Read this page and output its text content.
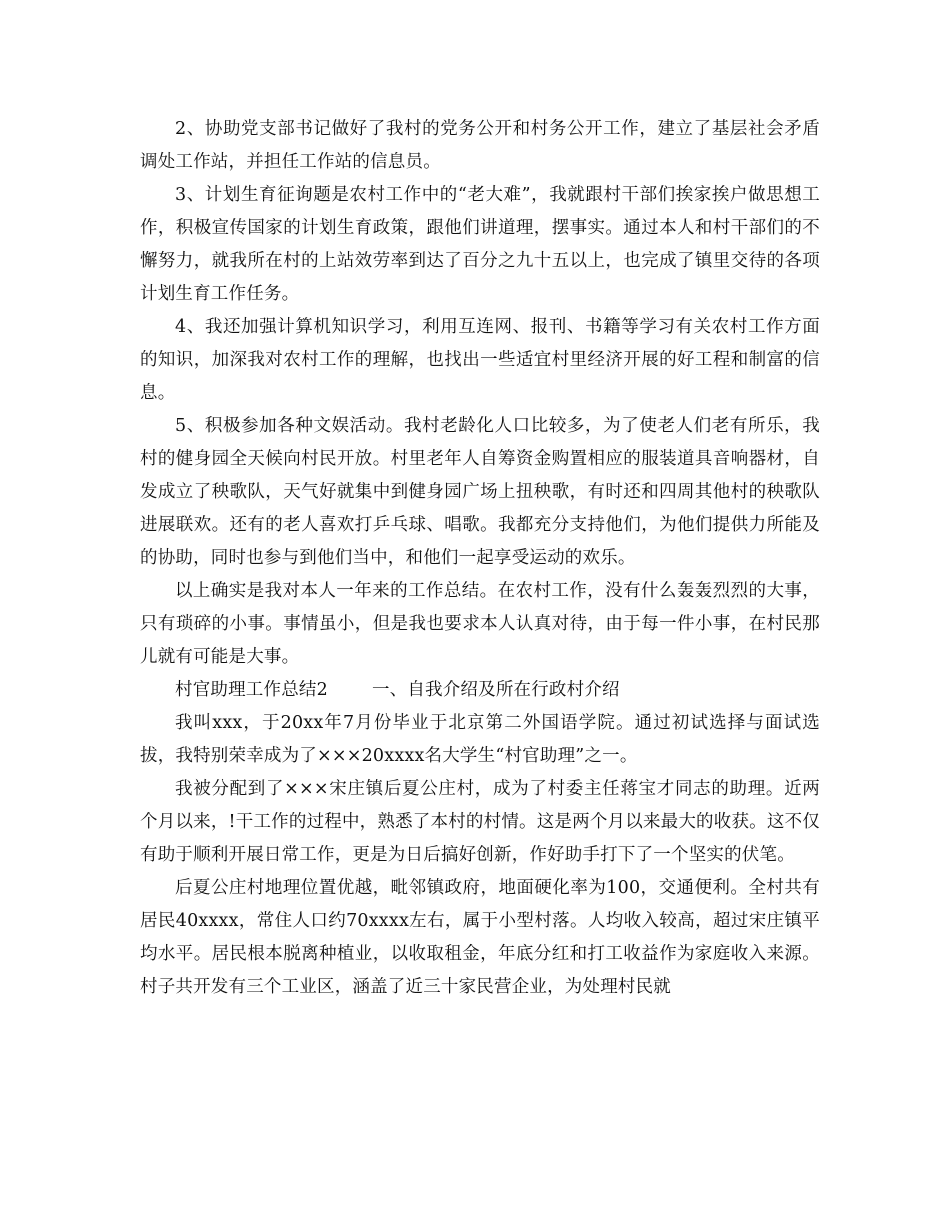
2、协助党支部书记做好了我村的党务公开和村务公开工作，建立了基层社会矛盾调处工作站，并担任工作站的信息员。

3、计划生育征询题是农村工作中的“老大难”，我就跟村干部们挨家挨户做思想工作，积极宣传国家的计划生育政策，跟他们讲道理，摆事实。通过本人和村干部们的不懈努力，就我所在村的上站效劳率到达了百分之九十五以上，也完成了镇里交待的各项计划生育工作任务。

4、我还加强计算机知识学习，利用互连网、报刊、书籍等学习有关农村工作方面的知识，加深我对农村工作的理解，也找出一些适宜村里经济开展的好工程和制富的信息。

5、积极参加各种文娱活动。我村老龄化人口比较多，为了使老人们老有所乐，我村的健身园全天候向村民开放。村里老年人自筹资金购置相应的服装道具音响器材，自发成立了秧歌队，天气好就集中到健身园广场上扭秧歌，有时还和四周其他村的秧歌队进展联欢。还有的老人喜欢打乒乓球、唱歌。我都充分支持他们，为他们提供力所能及的协助，同时也参与到他们当中，和他们一起享受运动的欢乐。

以上确实是我对本人一年来的工作总结。在农村工作，没有什么轰轰烈烈的大事，只有琐碎的小事。事情虽小，但是我也要求本人认真对待，由于每一件小事，在村民那儿就有可能是大事。

村官助理工作总结2	一、自我介绍及所在行政村介绍

我叫xxx，于20xx年7月份毕业于北京第二外国语学院。通过初试选择与面试选拔，我特别荣幸成为了×××20xxxx名大学生“村官助理”之一。

我被分配到了×××宋庄镇后夏公庄村，成为了村委主任蒋宝才同志的助理。近两个月以来，!干工作的过程中，熟悉了本村的村情。这是两个月以来最大的收获。这不仅有助于顺利开展日常工作，更是为日后搞好创新，作好助手打下了一个坚实的伏笔。

后夏公庄村地理位置优越，毗邻镇政府，地面硬化率为100，交通便利。全村共有居民40xxxx，常住人口约70xxxx左右，属于小型村落。人均收入较高，超过宋庄镇平均水平。居民根本脱离种植业，以收取租金，年底分红和打工收益作为家庭收入来源。村子共开发有三个工业区，涵盖了近三十家民营企业，为处理村民就
